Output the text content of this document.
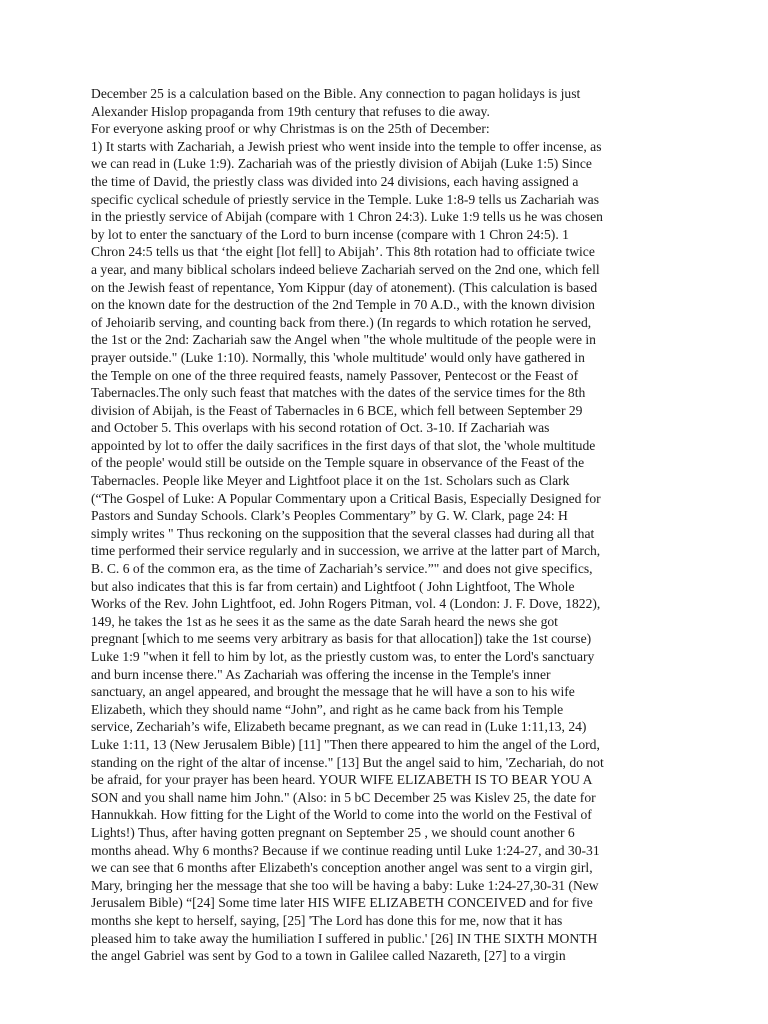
December 25 is a calculation based on the Bible. Any connection to pagan holidays is just
Alexander Hislop propaganda from 19th century that refuses to die away.
For everyone asking proof or why Christmas is on the 25th of December:
1) It starts with Zachariah, a Jewish priest who went inside into the temple to offer incense, as
we can read in (Luke 1:9). Zachariah was of the priestly division of Abijah (Luke 1:5) Since
the time of David, the priestly class was divided into 24 divisions, each having assigned a
specific cyclical schedule of priestly service in the Temple. Luke 1:8-9 tells us Zachariah was
in the priestly service of Abijah (compare with 1 Chron 24:3). Luke 1:9 tells us he was chosen
by lot to enter the sanctuary of the Lord to burn incense (compare with 1 Chron 24:5). 1
Chron 24:5 tells us that ‘the eight [lot fell] to Abijah’. This 8th rotation had to officiate twice
a year, and many biblical scholars indeed believe Zachariah served on the 2nd one, which fell
on the Jewish feast of repentance, Yom Kippur (day of atonement). (This calculation is based
on the known date for the destruction of the 2nd Temple in 70 A.D., with the known division
of Jehoiarib serving, and counting back from there.) (In regards to which rotation he served,
the 1st or the 2nd: Zachariah saw the Angel when "the whole multitude of the people were in
prayer outside." (Luke 1:10). Normally, this 'whole multitude' would only have gathered in
the Temple on one of the three required feasts, namely Passover, Pentecost or the Feast of
Tabernacles.The only such feast that matches with the dates of the service times for the 8th
division of Abijah, is the Feast of Tabernacles in 6 BCE, which fell between September 29
and October 5. This overlaps with his second rotation of Oct. 3-10. If Zachariah was
appointed by lot to offer the daily sacrifices in the first days of that slot, the 'whole multitude
of the people' would still be outside on the Temple square in observance of the Feast of the
Tabernacles. People like Meyer and Lightfoot place it on the 1st. Scholars such as Clark
(“The Gospel of Luke: A Popular Commentary upon a Critical Basis, Especially Designed for
Pastors and Sunday Schools. Clark’s Peoples Commentary” by G. W. Clark, page 24: H
simply writes " Thus reckoning on the supposition that the several classes had during all that
time performed their service regularly and in succession, we arrive at the latter part of March,
B. C. 6 of the common era, as the time of Zachariah’s service.”" and does not give specifics,
but also indicates that this is far from certain) and Lightfoot ( John Lightfoot, The Whole
Works of the Rev. John Lightfoot, ed. John Rogers Pitman, vol. 4 (London: J. F. Dove, 1822),
149, he takes the 1st as he sees it as the same as the date Sarah heard the news she got
pregnant [which to me seems very arbitrary as basis for that allocation]) take the 1st course)
Luke 1:9 "when it fell to him by lot, as the priestly custom was, to enter the Lord's sanctuary
and burn incense there." As Zachariah was offering the incense in the Temple's inner
sanctuary, an angel appeared, and brought the message that he will have a son to his wife
Elizabeth, which they should name “John”, and right as he came back from his Temple
service, Zechariah’s wife, Elizabeth became pregnant, as we can read in (Luke 1:11,13, 24)
Luke 1:11, 13 (New Jerusalem Bible) [11] "Then there appeared to him the angel of the Lord,
standing on the right of the altar of incense." [13] But the angel said to him, 'Zechariah, do not
be afraid, for your prayer has been heard. YOUR WIFE ELIZABETH IS TO BEAR YOU A
SON and you shall name him John." (Also: in 5 bC December 25 was Kislev 25, the date for
Hannukkah. How fitting for the Light of the World to come into the world on the Festival of
Lights!) Thus, after having gotten pregnant on September 25 , we should count another 6
months ahead. Why 6 months? Because if we continue reading until Luke 1:24-27, and 30-31
we can see that 6 months after Elizabeth's conception another angel was sent to a virgin girl,
Mary, bringing her the message that she too will be having a baby: Luke 1:24-27,30-31 (New
Jerusalem Bible) “[24] Some time later HIS WIFE ELIZABETH CONCEIVED and for five
months she kept to herself, saying, [25] 'The Lord has done this for me, now that it has
pleased him to take away the humiliation I suffered in public.' [26] IN THE SIXTH MONTH
the angel Gabriel was sent by God to a town in Galilee called Nazareth, [27] to a virgin
